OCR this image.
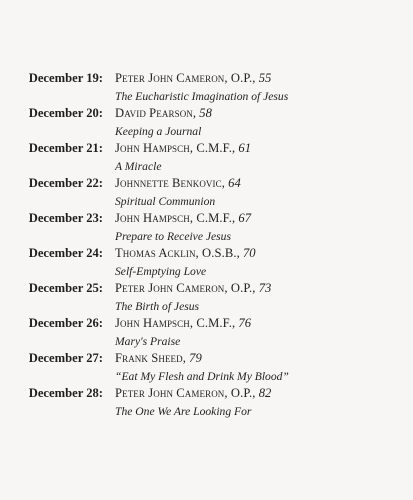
December 19: Peter John Cameron, O.P., 55
The Eucharistic Imagination of Jesus
December 20: David Pearson, 58
Keeping a Journal
December 21: John Hampsch, C.M.F., 61
A Miracle
December 22: Johnnette Benkovic, 64
Spiritual Communion
December 23: John Hampsch, C.M.F., 67
Prepare to Receive Jesus
December 24: Thomas Acklin, O.S.B., 70
Self-Emptying Love
December 25: Peter John Cameron, O.P., 73
The Birth of Jesus
December 26: John Hampsch, C.M.F., 76
Mary's Praise
December 27: Frank Sheed, 79
“Eat My Flesh and Drink My Blood”
December 28: Peter John Cameron, O.P., 82
The One We Are Looking For
